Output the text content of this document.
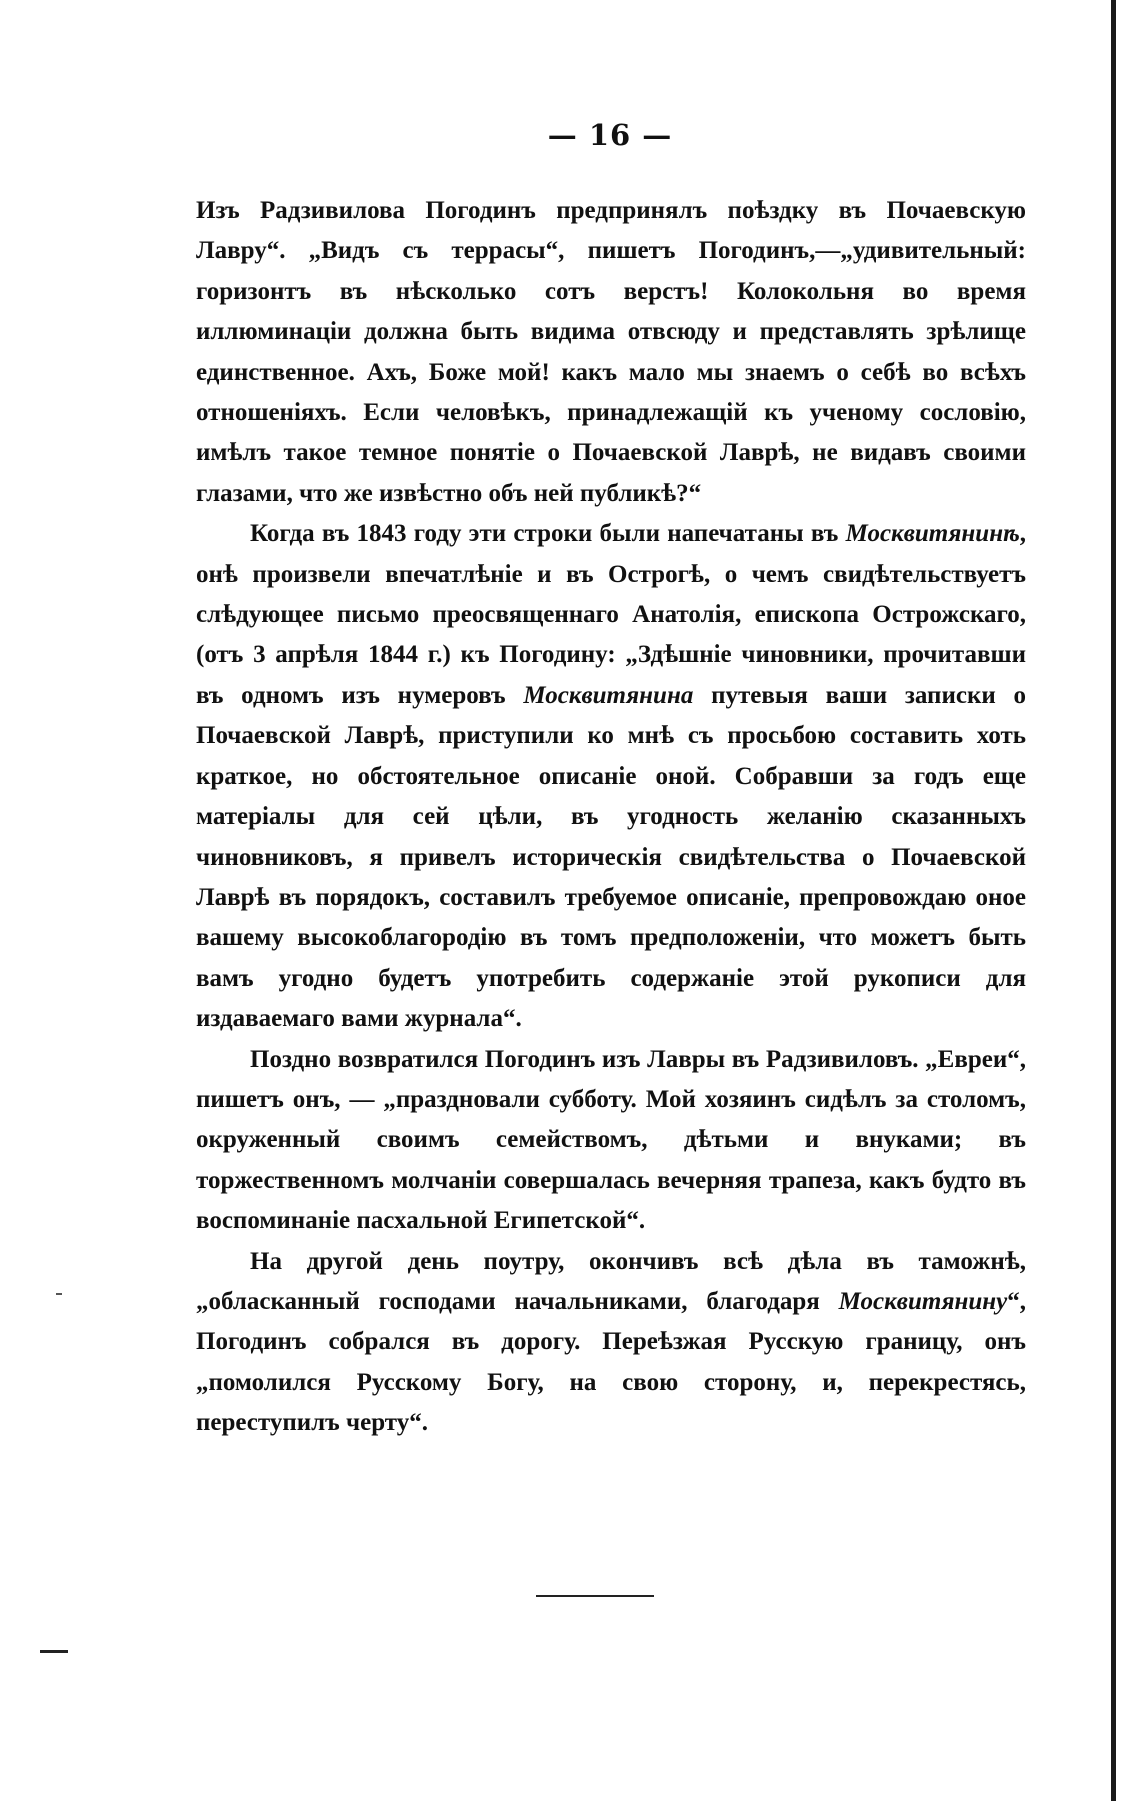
— 16 —

Изъ Радзивилова Погодинъ предпринялъ поѣздку въ Почаевскую Лавру“. „Видъ съ террасы“, пишетъ Погодинъ,—„удивительный: горизонтъ въ нѣсколько сотъ верстъ! Колокольня во время иллюминаціи должна быть видима отвсюду и представлять зрѣлище единственное. Ахъ, Боже мой! какъ мало мы знаемъ о себѣ во всѣхъ отношеніяхъ. Если человѣкъ, принадлежащій къ ученому сословію, имѣлъ такое темное понятіе о Почаевской Лаврѣ, не видавъ своими глазами, что же извѣстно объ ней публикѣ?“

Когда въ 1843 году эти строки были напечатаны въ Москвитянинѣ, онѣ произвели впечатлѣніе и въ Острогѣ, о чемъ свидѣтельствуетъ слѣдующее письмо преосвященнаго Анатолія, епископа Острожскаго, (отъ 3 апрѣля 1844 г.) къ Погодину: „Здѣшніе чиновники, прочитавши въ одномъ изъ нумеровъ Москвитянина путевыя ваши записки о Почаевской Лаврѣ, приступили ко мнѣ съ просьбою составить хоть краткое, но обстоятельное описаніе оной. Собравши за годъ еще матеріалы для сей цѣли, въ угодность желанію сказанныхъ чиновниковъ, я привелъ историческія свидѣтельства о Почаевской Лаврѣ въ порядокъ, составилъ требуемое описаніе, препровождаю оное вашему высокоблагородію въ томъ предположеніи, что можетъ быть вамъ угодно будетъ употребить содержаніе этой рукописи для издаваемаго вами журнала“.

Поздно возвратился Погодинъ изъ Лавры въ Радзивиловъ. „Евреи“, пишетъ онъ, — „праздновали субботу. Мой хозяинъ сидѣлъ за столомъ, окруженный своимъ семействомъ, дѣтьми и внуками; въ торжественномъ молчаніи совершалась вечерняя трапеза, какъ будто въ воспоминаніе пасхальной Египетской“.

На другой день поутру, окончивъ всѣ дѣла въ таможнѣ, „обласканный господами начальниками, благодаря Москвитянину“, Погодинъ собрался въ дорогу. Переѣзжая Русскую границу, онъ „помолился Русскому Богу, на свою сторону, и, перекрестясь, переступилъ черту“.
